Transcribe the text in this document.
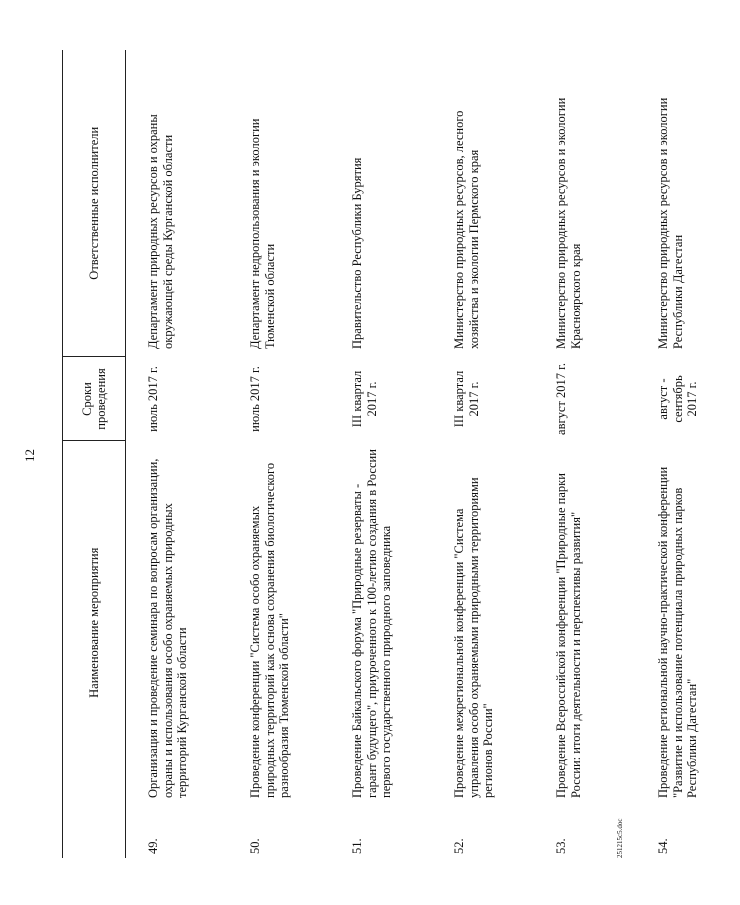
12
	Наименование мероприятия	Сроки проведения	Ответственные исполнители
49.	Организация и проведение семинара по вопросам организации, охраны и использования особо охраняемых природных территорий Курганской области	июль 2017 г.	Департамент природных ресурсов и охраны окружающей среды Курганской области
50.	Проведение конференции "Система особо охраняемых природных территорий как основа сохранения биологического разнообразия Тюменской области"	июль 2017 г.	Департамент недропользования и экологии Тюменской области
51.	Проведение Байкальского форума "Природные резерваты - гарант будущего", приуроченного к 100-летию создания в России первого государственного природного заповедника	III квартал 2017 г.	Правительство Республики Бурятия
52.	Проведение межрегиональной конференции "Система управления особо охраняемыми природными территориями регионов России"	III квартал 2017 г.	Министерство природных ресурсов, лесного хозяйства и экологии Пермского края
53.	Проведение Всероссийской конференции "Природные парки России: итоги деятельности и перспективы развития"	август 2017 г.	Министерство природных ресурсов и экологии Красноярского края
54.	Проведение региональной научно-практической конференции "Развитие и использование потенциала природных парков Республики Дагестан"	август - сентябрь 2017 г.	Министерство природных ресурсов и экологии Республики Дагестан
251215c5.doc
